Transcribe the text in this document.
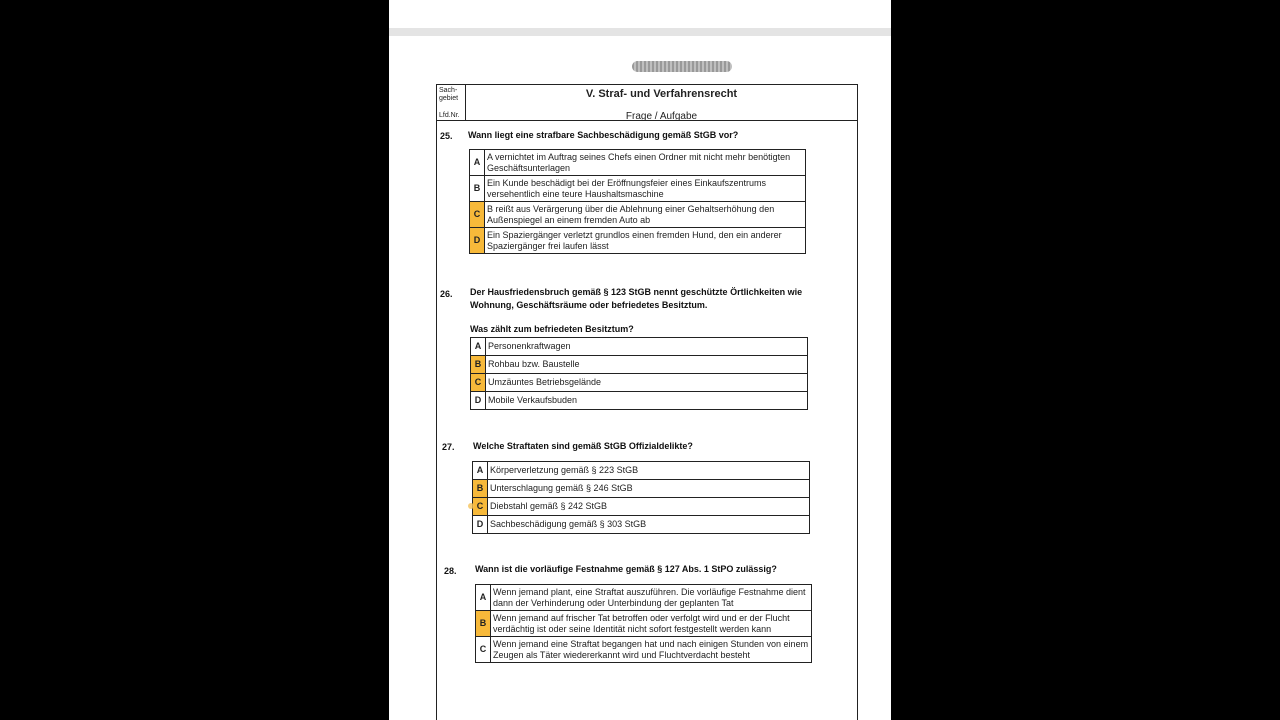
Sach-
gebiet
Lfd.Nr.
V. Straf- und Verfahrensrecht
Frage / Aufgabe
25. Wann liegt eine strafbare Sachbeschädigung gemäß StGB vor?
A	A vernichtet im Auftrag seines Chefs einen Ordner mit nicht mehr benötigten
Geschäftsunterlagen

B	Ein Kunde beschädigt bei der Eröffnungsfeier eines Einkaufszentrums
versehentlich eine teure Haushaltsmaschine

C	B reißt aus Verärgerung über die Ablehnung einer Gehaltserhöhung den
Außenspiegel an einem fremden Auto ab

D	Ein Spaziergänger verletzt grundlos einen fremden Hund, den ein anderer
Spaziergänger frei laufen lässt
26. Der Hausfriedensbruch gemäß § 123 StGB nennt geschützte Örtlichkeiten wie
Wohnung, Geschäftsräume oder befriedetes Besitztum.
Was zählt zum befriedeten Besitztum?
A	Personenkraftwagen
B	Rohbau bzw. Baustelle
C	Umzäuntes Betriebsgelände
D	Mobile Verkaufsbuden
27. Welche Straftaten sind gemäß StGB Offizialdelikte?
A	Körperverletzung gemäß § 223 StGB
B	Unterschlagung gemäß § 246 StGB
C	Diebstahl gemäß § 242 StGB
D	Sachbeschädigung gemäß § 303 StGB
28. Wann ist die vorläufige Festnahme gemäß § 127 Abs. 1 StPO zulässig?
A	Wenn jemand plant, eine Straftat auszuführen. Die vorläufige Festnahme dient
dann der Verhinderung oder Unterbindung der geplanten Tat

B	Wenn jemand auf frischer Tat betroffen oder verfolgt wird und er der Flucht
verdächtig ist oder seine Identität nicht sofort festgestellt werden kann

C	Wenn jemand eine Straftat begangen hat und nach einigen Stunden von einem
Zeugen als Täter wiedererkannt wird und Fluchtverdacht besteht
